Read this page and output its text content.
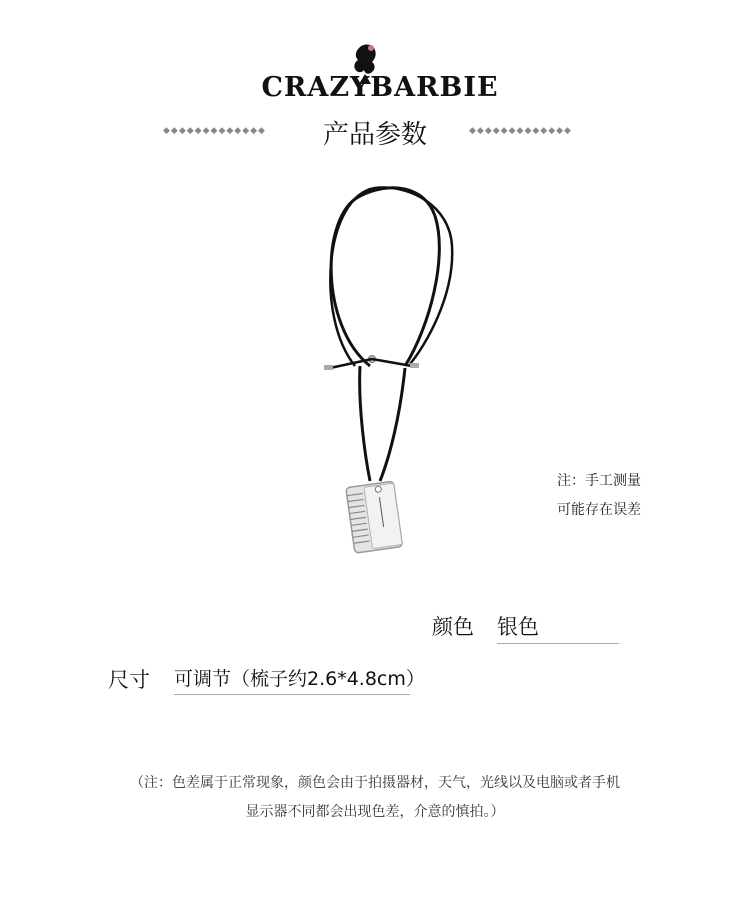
CRAZYBARBIE
◆◆◆◆◆◆◆◆◆◆◆◆◆	产品参数	◆◆◆◆◆◆◆◆◆◆◆◆◆
注：手工测量
可能存在误差
颜色 银色
尺寸 可调节（梳子约2.6*4.8cm）
（注：色差属于正常现象，颜色会由于拍摄器材，天气，光线以及电脑或者手机
显示器不同都会出现色差，介意的慎拍。）
